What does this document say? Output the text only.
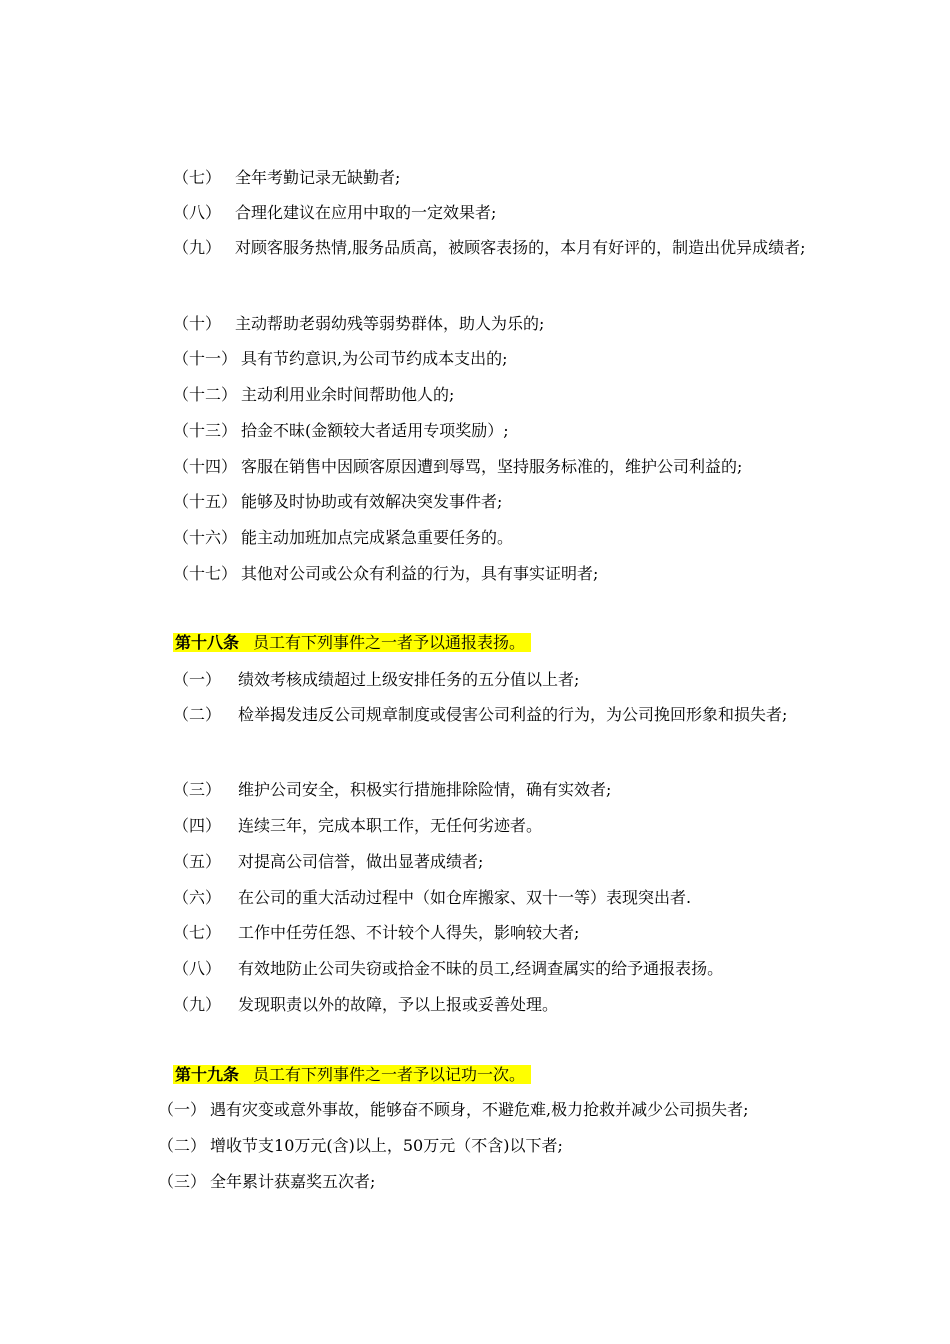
（七） 全年考勤记录无缺勤者;
（八） 合理化建议在应用中取的一定效果者;
（九） 对顾客服务热情,服务品质高，被顾客表扬的，本月有好评的，制造出优异成绩者;
（十） 主动帮助老弱幼残等弱势群体，助人为乐的;
（十一） 具有节约意识,为公司节约成本支出的;
（十二） 主动利用业余时间帮助他人的;
（十三） 拾金不昧(金额较大者适用专项奖励）;
（十四） 客服在销售中因顾客原因遭到辱骂，坚持服务标准的，维护公司利益的;
（十五） 能够及时协助或有效解决突发事件者;
（十六） 能主动加班加点完成紧急重要任务的。
（十七） 其他对公司或公众有利益的行为，具有事实证明者;
第十八条 员工有下列事件之一者予以通报表扬。
（一）	绩效考核成绩超过上级安排任务的五分值以上者;
（二）	检举揭发违反公司规章制度或侵害公司利益的行为，为公司挽回形象和损失者;
（三）	维护公司安全，积极实行措施排除险情，确有实效者;
（四）	连续三年，完成本职工作，无任何劣迹者。
（五）	对提高公司信誉，做出显著成绩者;
（六）	在公司的重大活动过程中（如仓库搬家、双十一等）表现突出者.
（七）	工作中任劳任怨、不计较个人得失，影响较大者;
（八）	有效地防止公司失窃或拾金不昧的员工,经调查属实的给予通报表扬。
（九）	发现职责以外的故障，予以上报或妥善处理。
第十九条 员工有下列事件之一者予以记功一次。
（一） 遇有灾变或意外事故，能够奋不顾身，不避危难,极力抢救并减少公司损失者;
（二） 增收节支10万元(含)以上，50万元（不含)以下者;
（三） 全年累计获嘉奖五次者;
